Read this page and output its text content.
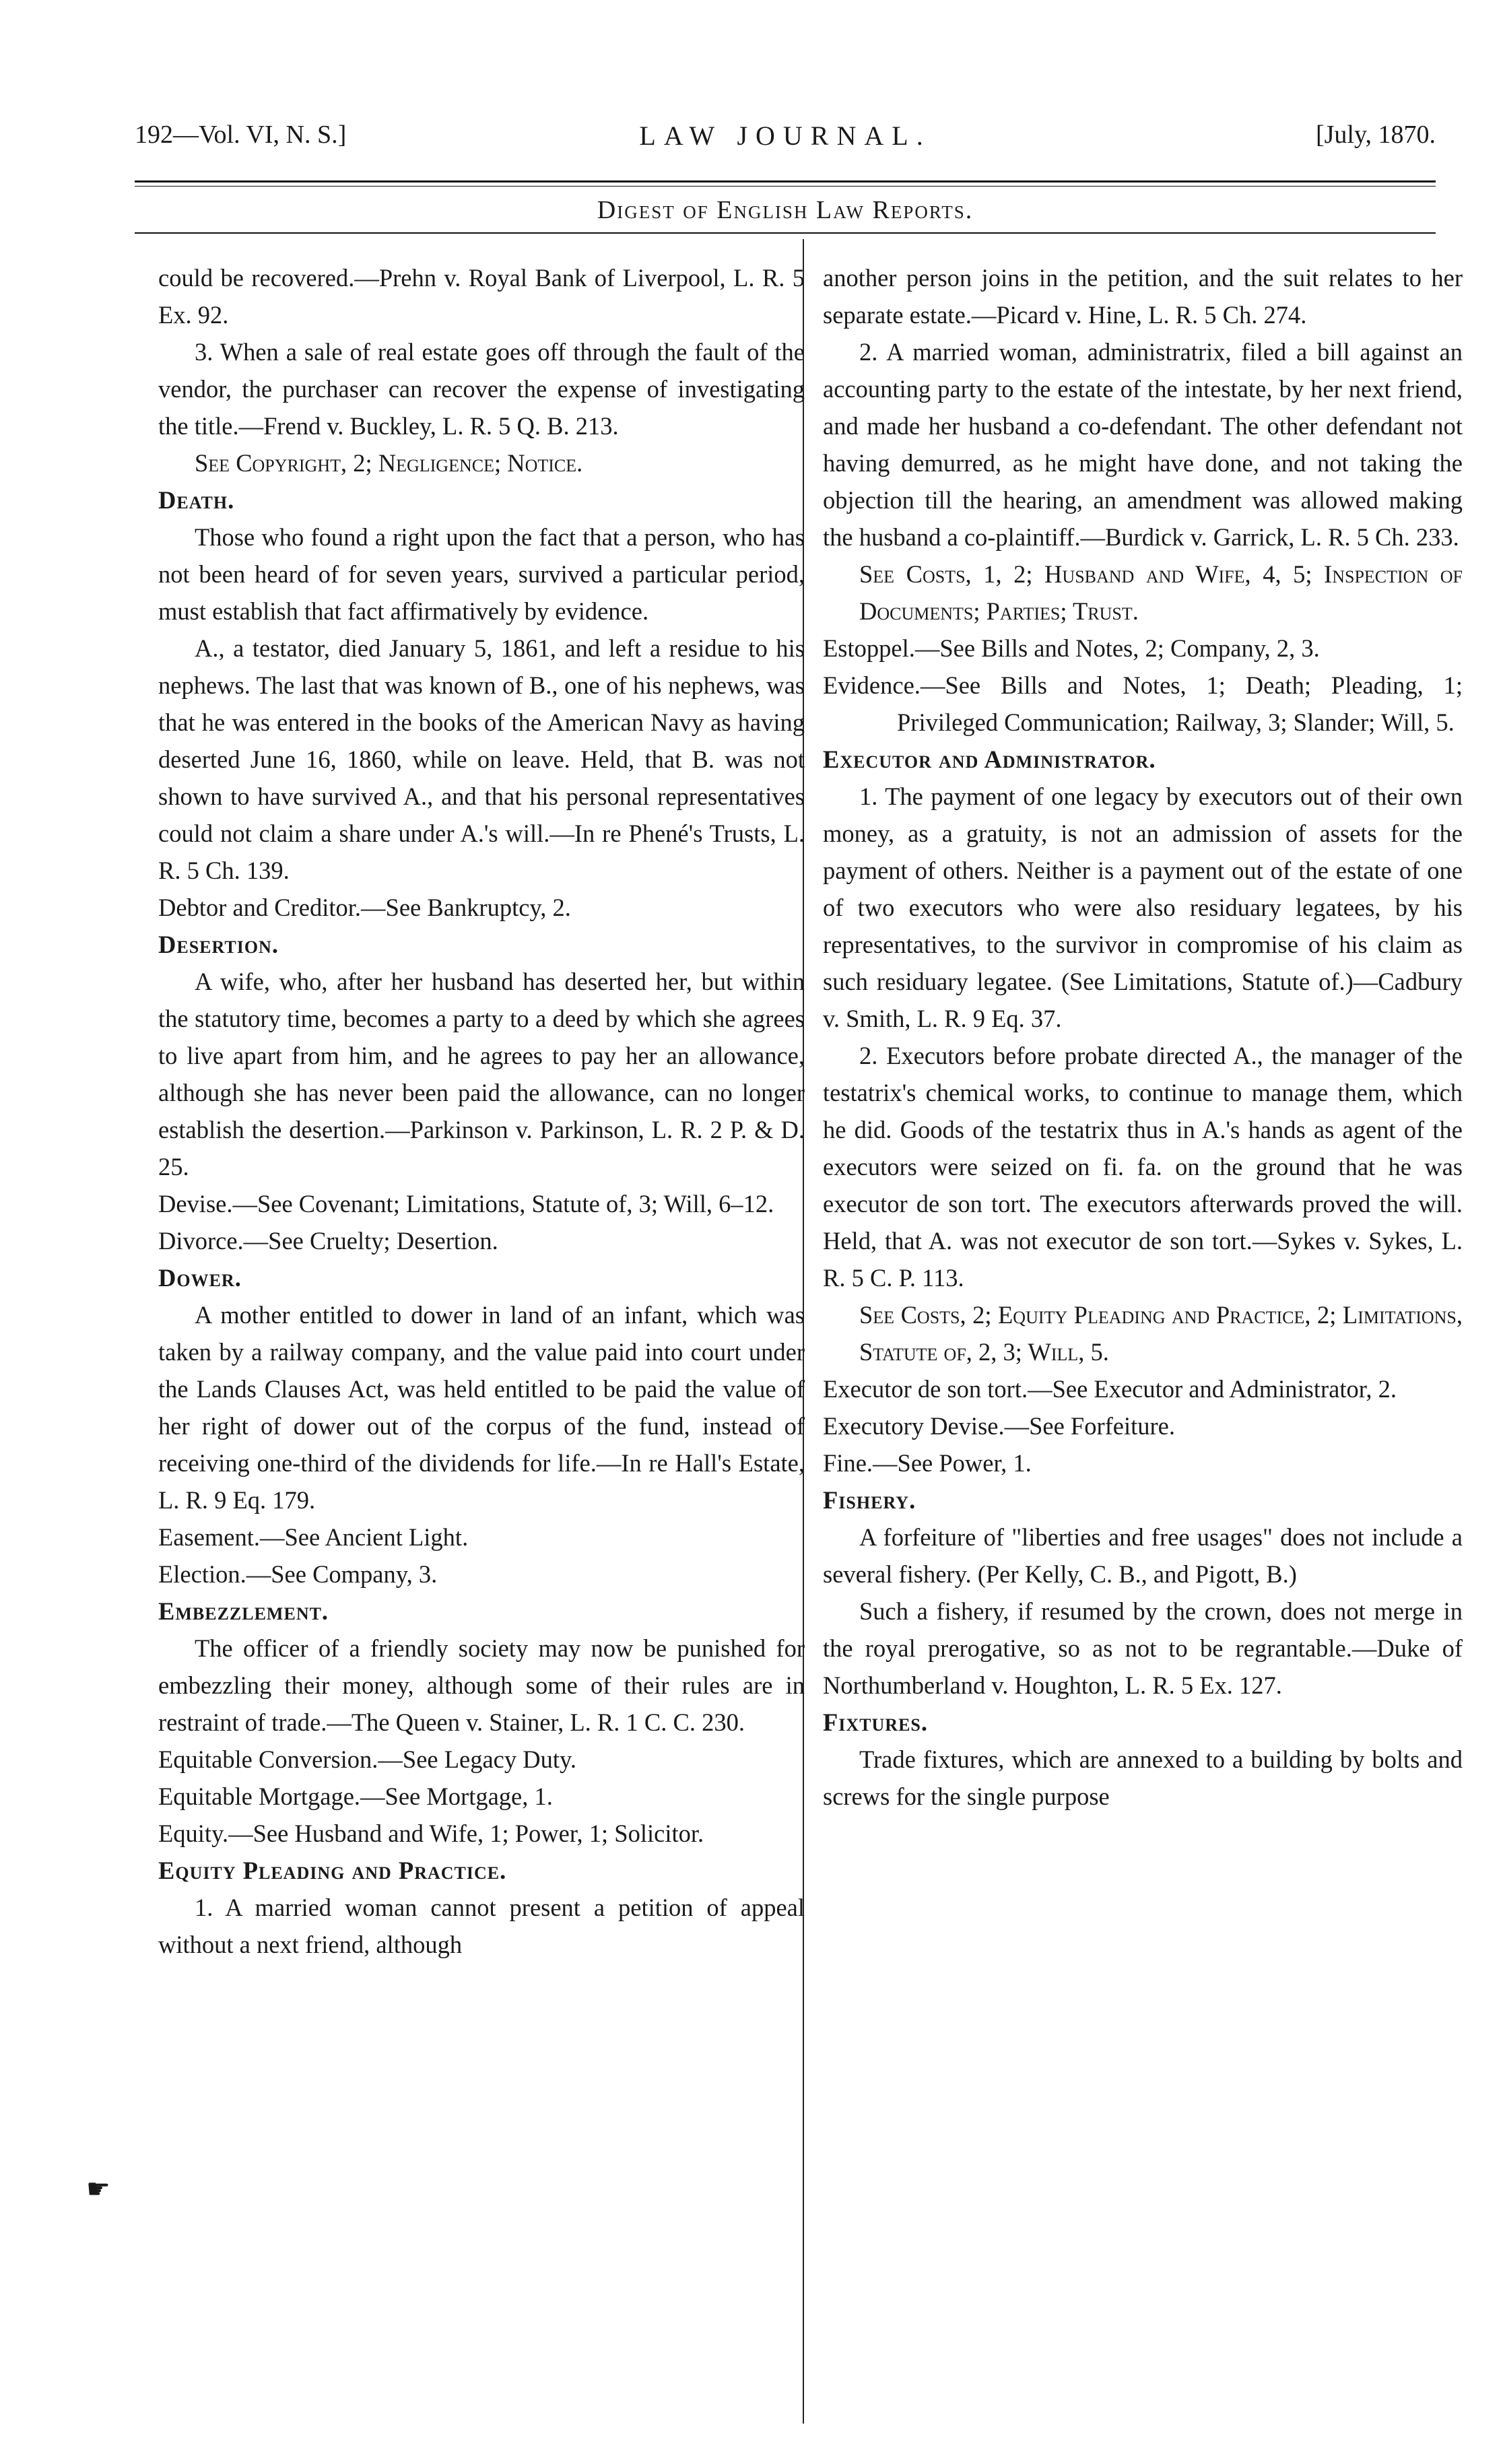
192—Vol. VI, N. S.]	LAW JOURNAL.	[July, 1870.
Digest of English Law Reports.
could be recovered.—Prehn v. Royal Bank of Liverpool, L. R. 5 Ex. 92.
3. When a sale of real estate goes off through the fault of the vendor, the purchaser can recover the expense of investigating the title.—Frend v. Buckley, L. R. 5 Q. B. 213.
See Copyright, 2; Negligence; Notice.
Death.
Those who found a right upon the fact that a person, who has not been heard of for seven years, survived a particular period, must establish that fact affirmatively by evidence.
A., a testator, died January 5, 1861, and left a residue to his nephews. The last that was known of B., one of his nephews, was that he was entered in the books of the American Navy as having deserted June 16, 1860, while on leave. Held, that B. was not shown to have survived A., and that his personal representatives could not claim a share under A.'s will.—In re Phené's Trusts, L. R. 5 Ch. 139.
Debtor and Creditor.—See Bankruptcy, 2.
Desertion.
A wife, who, after her husband has deserted her, but within the statutory time, becomes a party to a deed by which she agrees to live apart from him, and he agrees to pay her an allowance, although she has never been paid the allowance, can no longer establish the desertion.—Parkinson v. Parkinson, L. R. 2 P. & D. 25.
Devise.—See Covenant; Limitations, Statute of, 3; Will, 6–12.
Divorce.—See Cruelty; Desertion.
Dower.
A mother entitled to dower in land of an infant, which was taken by a railway company, and the value paid into court under the Lands Clauses Act, was held entitled to be paid the value of her right of dower out of the corpus of the fund, instead of receiving one-third of the dividends for life.—In re Hall's Estate, L. R. 9 Eq. 179.
Easement.—See Ancient Light.
Election.—See Company, 3.
Embezzlement.
The officer of a friendly society may now be punished for embezzling their money, although some of their rules are in restraint of trade.—The Queen v. Stainer, L. R. 1 C. C. 230.
Equitable Conversion.—See Legacy Duty.
Equitable Mortgage.—See Mortgage, 1.
Equity.—See Husband and Wife, 1; Power, 1; Solicitor.
Equity Pleading and Practice.
1. A married woman cannot present a petition of appeal without a next friend, although
another person joins in the petition, and the suit relates to her separate estate.—Picard v. Hine, L. R. 5 Ch. 274.
2. A married woman, administratrix, filed a bill against an accounting party to the estate of the intestate, by her next friend, and made her husband a co-defendant. The other defendant not having demurred, as he might have done, and not taking the objection till the hearing, an amendment was allowed making the husband a co-plaintiff.—Burdick v. Garrick, L. R. 5 Ch. 233.
See Costs, 1, 2; Husband and Wife, 4, 5; Inspection of Documents; Parties; Trust.
Estoppel.—See Bills and Notes, 2; Company, 2, 3.
Evidence.—See Bills and Notes, 1; Death; Pleading, 1; Privileged Communication; Railway, 3; Slander; Will, 5.
Executor and Administrator.
1. The payment of one legacy by executors out of their own money, as a gratuity, is not an admission of assets for the payment of others. Neither is a payment out of the estate of one of two executors who were also residuary legatees, by his representatives, to the survivor in compromise of his claim as such residuary legatee. (See Limitations, Statute of.)—Cadbury v. Smith, L. R. 9 Eq. 37.
2. Executors before probate directed A., the manager of the testatrix's chemical works, to continue to manage them, which he did. Goods of the testatrix thus in A.'s hands as agent of the executors were seized on fi. fa. on the ground that he was executor de son tort. The executors afterwards proved the will. Held, that A. was not executor de son tort.—Sykes v. Sykes, L. R. 5 C. P. 113.
See Costs, 2; Equity Pleading and Practice, 2; Limitations, Statute of, 2, 3; Will, 5.
Executor de son tort.—See Executor and Administrator, 2.
Executory Devise.—See Forfeiture.
Fine.—See Power, 1.
Fishery.
A forfeiture of "liberties and free usages" does not include a several fishery. (Per Kelly, C. B., and Pigott, B.)
Such a fishery, if resumed by the crown, does not merge in the royal prerogative, so as not to be regrantable.—Duke of Northumberland v. Houghton, L. R. 5 Ex. 127.
Fixtures.
Trade fixtures, which are annexed to a building by bolts and screws for the single purpose
☛
